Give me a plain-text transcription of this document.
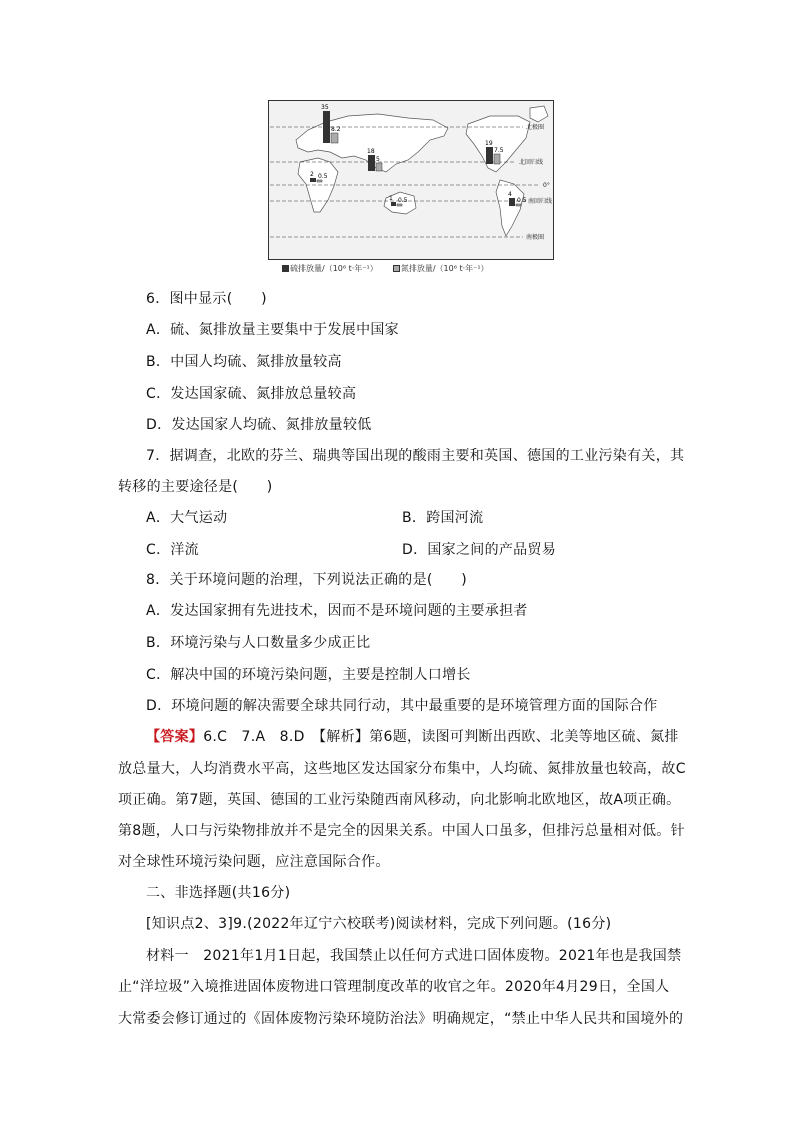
北极圈
北回归线
0°
南回归线
南极圈
35
8.2
18
5
19
7.5
2 0.5
1 0.5
4
0.5
硫排放量/（10⁶ t·年⁻¹）	氮排放量/（10⁶ t·年⁻¹）
6．图中显示(　　)
A．硫、氮排放量主要集中于发展中国家
B．中国人均硫、氮排放量较高
C．发达国家硫、氮排放总量较高
D．发达国家人均硫、氮排放量较低
7．据调查，北欧的芬兰、瑞典等国出现的酸雨主要和英国、德国的工业污染有关，其
转移的主要途径是(　　)
A．大气运动	B．跨国河流
C．洋流	D．国家之间的产品贸易
8．关于环境问题的治理，下列说法正确的是(　　)
A．发达国家拥有先进技术，因而不是环境问题的主要承担者
B．环境污染与人口数量多少成正比
C．解决中国的环境污染问题，主要是控制人口增长
D．环境问题的解决需要全球共同行动，其中最重要的是环境管理方面的国际合作
【答案】6.C　7.A　8.D　【解析】第6题，读图可判断出西欧、北美等地区硫、氮排
放总量大，人均消费水平高，这些地区发达国家分布集中，人均硫、氮排放量也较高，故C
项正确。第7题，英国、德国的工业污染随西南风移动，向北影响北欧地区，故A项正确。
第8题，人口与污染物排放并不是完全的因果关系。中国人口虽多，但排污总量相对低。针
对全球性环境污染问题，应注意国际合作。
二、非选择题(共16分)
[知识点2、3]9.(2022年辽宁六校联考)阅读材料，完成下列问题。(16分)
材料一　2021年1月1日起，我国禁止以任何方式进口固体废物。2021年也是我国禁
止“洋垃圾”入境推进固体废物进口管理制度改革的收官之年。2020年4月29日，全国人
大常委会修订通过的《固体废物污染环境防治法》明确规定，“禁止中华人民共和国境外的
